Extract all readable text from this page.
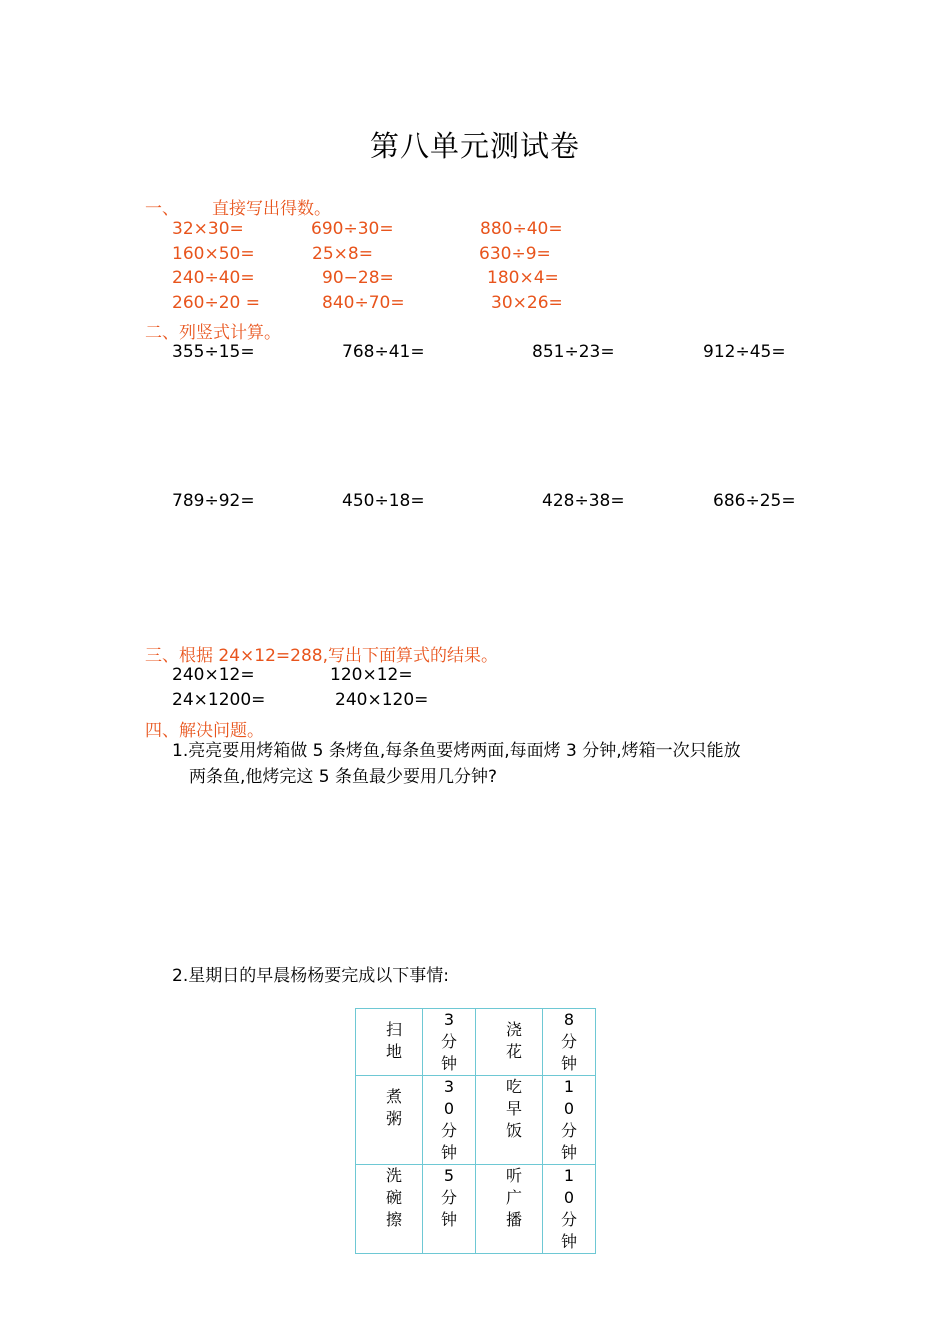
第八单元测试卷
一、 直接写出得数。
32×30=	690÷30=	880÷40=
160×50=	25×8=	630÷9=
240÷40=	90−28=	180×4=
260÷20 =	840÷70=	30×26=
二、列竖式计算。
355÷15=	768÷41=	851÷23=	912÷45=
789÷92=	450÷18=	428÷38=	686÷25=
三、根据 24×12=288,写出下面算式的结果。
240×12=	120×12=
24×1200=	240×120=
四、解决问题。
1.亮亮要用烤箱做 5 条烤鱼,每条鱼要烤两面,每面烤 3 分钟,烤箱一次只能放
两条鱼,他烤完这 5 条鱼最少要用几分钟?
2.星期日的早晨杨杨要完成以下事情:
扫地	3分钟	浇花	8分钟
煮粥	30分钟	吃早饭	10分钟
洗碗擦	5分钟	听广播	10分钟
